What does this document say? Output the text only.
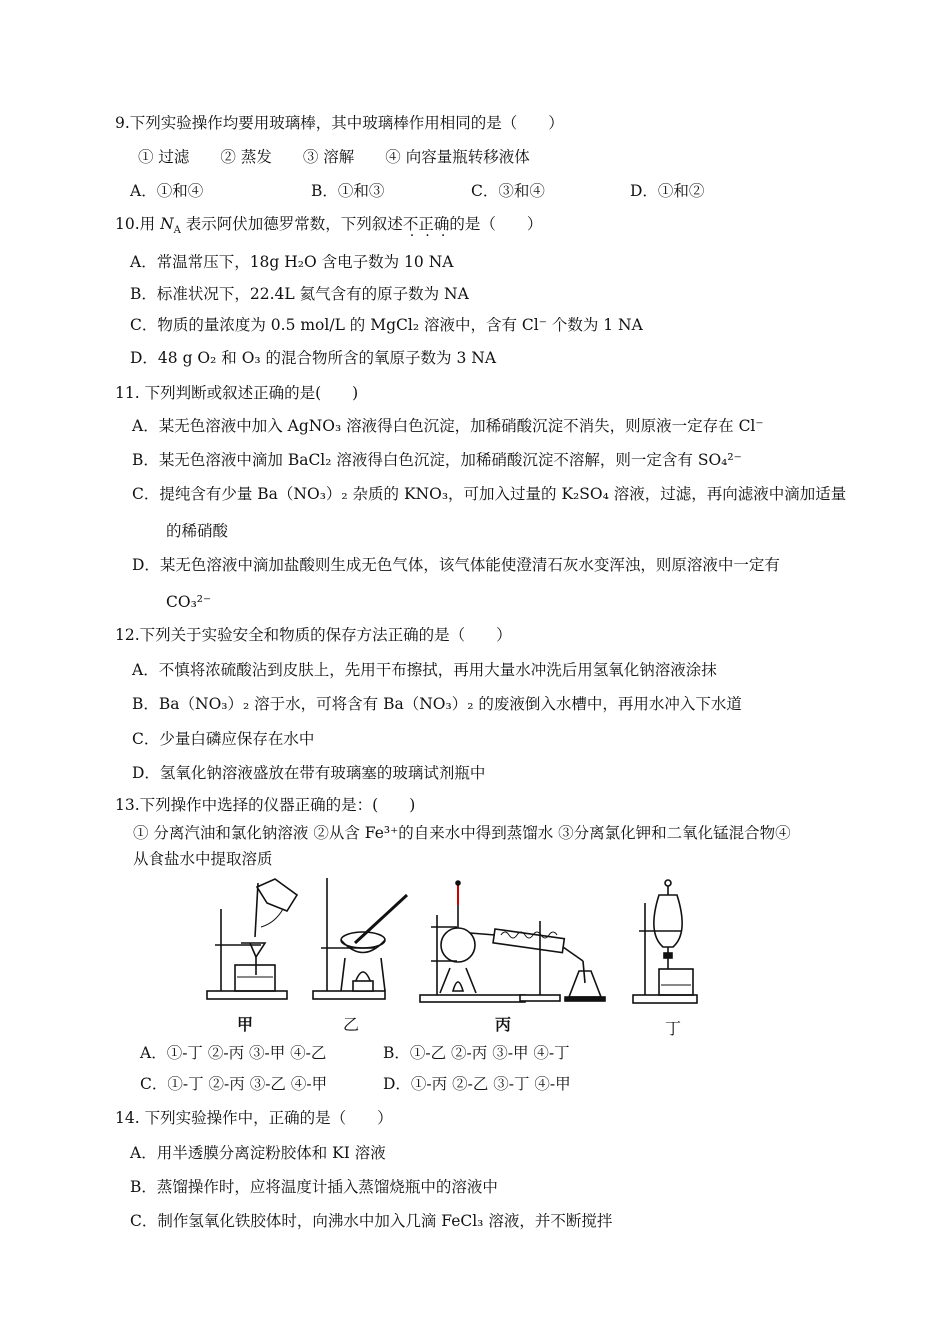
9.下列实验操作均要用玻璃棒，其中玻璃棒作用相同的是（　　）
① 过滤　　② 蒸发　　③ 溶解　　④ 向容量瓶转移液体
A．①和④	B．①和③	C．③和④	D．①和②
10.用 $N_A$ 表示阿伏加德罗常数，下列叙述不正确的是（　　）
A．常温常压下，18g H₂O 含电子数为 10 NA
B．标准状况下，22.4L 氦气含有的原子数为 NA
C．物质的量浓度为 0.5 mol/L 的 MgCl₂ 溶液中，含有 Cl⁻ 个数为 1 NA
D．48 g O₂ 和 O₃ 的混合物所含的氧原子数为 3 NA
11. 下列判断或叙述正确的是(　　)
A．某无色溶液中加入 AgNO₃ 溶液得白色沉淀，加稀硝酸沉淀不消失，则原液一定存在 Cl⁻
B．某无色溶液中滴加 BaCl₂ 溶液得白色沉淀，加稀硝酸沉淀不溶解，则一定含有 SO₄²⁻
C．提纯含有少量 Ba（NO₃）₂ 杂质的 KNO₃，可加入过量的 K₂SO₄ 溶液，过滤，再向滤液中滴加适量
的稀硝酸
D．某无色溶液中滴加盐酸则生成无色气体，该气体能使澄清石灰水变浑浊，则原溶液中一定有
CO₃²⁻
12.下列关于实验安全和物质的保存方法正确的是（　　）
A．不慎将浓硫酸沾到皮肤上，先用干布擦拭，再用大量水冲洗后用氢氧化钠溶液涂抹
B．Ba（NO₃）₂ 溶于水，可将含有 Ba（NO₃）₂ 的废液倒入水槽中，再用水冲入下水道
C．少量白磷应保存在水中
D．氢氧化钠溶液盛放在带有玻璃塞的玻璃试剂瓶中
13.下列操作中选择的仪器正确的是：(　　)
① 分离汽油和氯化钠溶液 ②从含 Fe³⁺的自来水中得到蒸馏水 ③分离氯化钾和二氧化锰混合物④
从食盐水中提取溶质
甲	乙	丙	丁
A．①-丁 ②-丙 ③-甲 ④-乙	B．①-乙 ②-丙 ③-甲 ④-丁
C．①-丁 ②-丙 ③-乙 ④-甲	D．①-丙 ②-乙 ③-丁 ④-甲
14. 下列实验操作中，正确的是（　　）
A．用半透膜分离淀粉胶体和 KI 溶液
B．蒸馏操作时，应将温度计插入蒸馏烧瓶中的溶液中
C．制作氢氧化铁胶体时，向沸水中加入几滴 FeCl₃ 溶液，并不断搅拌
